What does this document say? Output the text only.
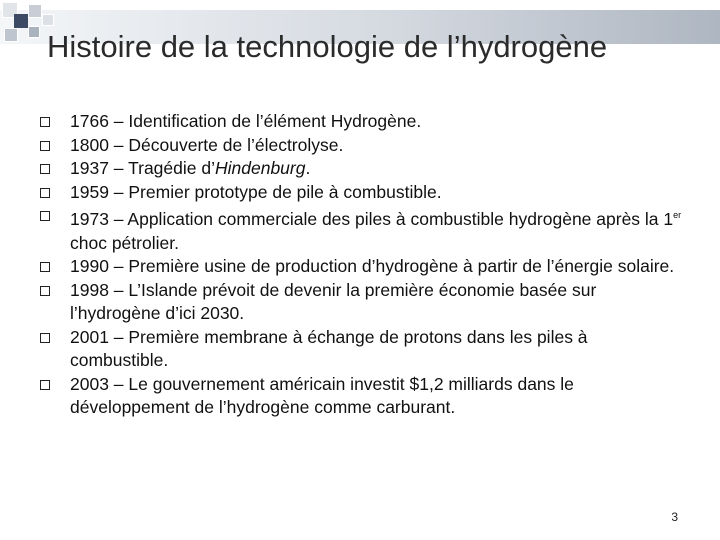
Histoire de la technologie de l’hydrogène
1766 – Identification de l’élément Hydrogène.
1800 – Découverte de l’électrolyse.
1937 – Tragédie d’Hindenburg.
1959 – Premier prototype de pile à combustible.
1973 – Application commerciale des piles à combustible hydrogène après la 1er choc pétrolier.
1990 – Première usine de production d’hydrogène à partir de l’énergie solaire.
1998 – L’Islande prévoit de devenir la première économie basée sur l’hydrogène d’ici 2030.
2001 – Première membrane à échange de protons dans les piles à combustible.
2003 – Le gouvernement américain investit $1,2 milliards dans le développement de l’hydrogène comme carburant.
3
